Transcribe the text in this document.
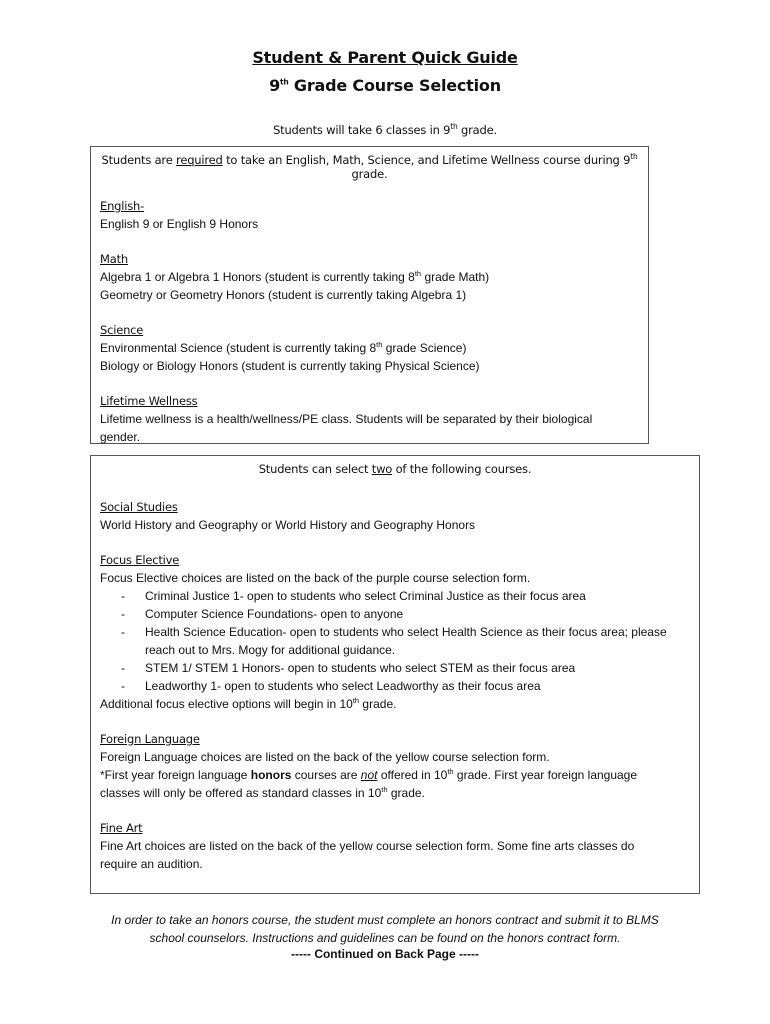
Student & Parent Quick Guide
9th Grade Course Selection
Students will take 6 classes in 9th grade.
Students are required to take an English, Math, Science, and Lifetime Wellness course during 9th grade.

English-

English 9 or English 9 Honors

Math

Algebra 1 or Algebra 1 Honors (student is currently taking 8th grade Math)

Geometry or Geometry Honors (student is currently taking Algebra 1)

Science

Environmental Science (student is currently taking 8th grade Science)

Biology or Biology Honors (student is currently taking Physical Science)

Lifetime Wellness

Lifetime wellness is a health/wellness/PE class. Students will be separated by their biological

gender.

Students can select two of the following courses.

Social Studies

World History and Geography or World History and Geography Honors

Focus Elective

Focus Elective choices are listed on the back of the purple course selection form.

-	Criminal Justice 1- open to students who select Criminal Justice as their focus area
-	Computer Science Foundations- open to anyone
-	Health Science Education- open to students who select Health Science as their focus area; please reach out to Mrs. Mogy for additional guidance.
-	STEM 1/ STEM 1 Honors- open to students who select STEM as their focus area
-	Leadworthy 1- open to students who select Leadworthy as their focus area

Additional focus elective options will begin in 10th grade.

Foreign Language

Foreign Language choices are listed on the back of the yellow course selection form.

*First year foreign language honors courses are not offered in 10th grade. First year foreign language

classes will only be offered as standard classes in 10th grade.

Fine Art

Fine Art choices are listed on the back of the yellow course selection form. Some fine arts classes do

require an audition.

In order to take an honors course, the student must complete an honors contract and submit it to BLMS
school counselors. Instructions and guidelines can be found on the honors contract form.
----- Continued on Back Page -----
